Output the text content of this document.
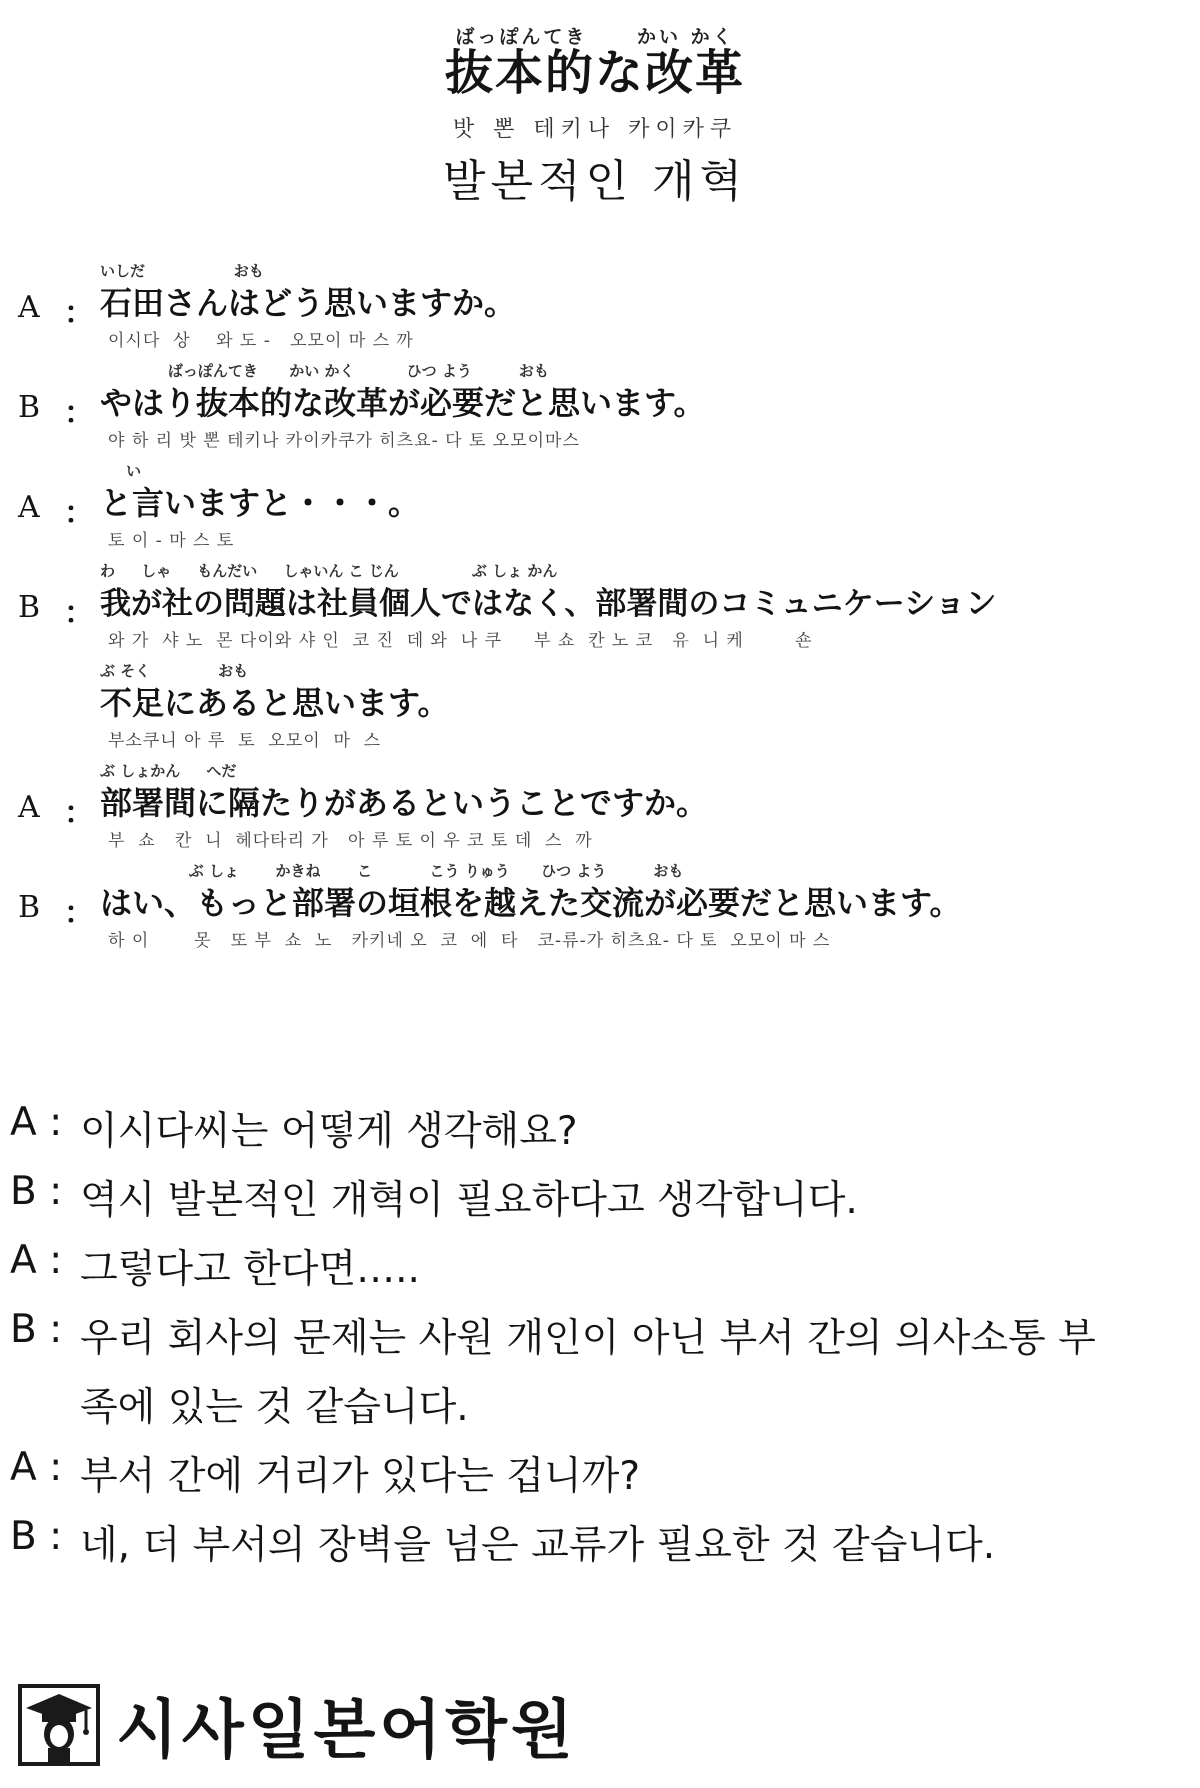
ばっぽんてき	かい かく
抜本的な改革
밧 뽄 테키나 카이카쿠
발본적인 개혁
A ：
いしだ                 おも
石田さんはどう思いますか。
이시다  상    와 도 -   오모이 마 스 까
B ：
ばっぽんてき      かい かく          ひつ よう         おも
やはり抜本的な改革が必要だと思います。
야 하 리 밧 뽄 테키나 카이카쿠가 히츠요- 다 토 오모이마스
A ：
い
と言いますと・・・。
토 이 - 마 스 토
B ：
わ     しゃ     もんだい     しゃいん こ じん              ぶ しょ かん
我が社の問題は社員個人ではなく、部署間のコミュニケーション
와 가  샤 노  몬 다이와 샤 인  코 진  데 와  나 쿠     부 쇼  칸 노 코   유  니 케        숀
ぶ そく             おも
不足にあると思います。
부소쿠니 아 루  토  오모이  마  스
A ：
ぶ しょかん     へだ
部署間に隔たりがあるということですか。
부  쇼   칸  니  헤다타리 가   아 루 토 이 우 코 토 데  스  까
B ：
ぶ しょ       かきね       こ           こう りゅう      ひつ よう         おも
はい、もっと部署の垣根を越えた交流が必要だと思います。
하 이       못   또 부  쇼  노   카키네 오  코  에  타   코-류-가 히츠요- 다 토  오모이 마 스
A : 이시다씨는 어떻게 생각해요?
B : 역시 발본적인 개혁이 필요하다고 생각합니다.
A : 그렇다고 한다면…..
B : 우리 회사의 문제는 사원 개인이 아닌 부서 간의 의사소통 부
족에 있는 것 같습니다.
A : 부서 간에 거리가 있다는 겁니까?
B : 네, 더 부서의 장벽을 넘은 교류가 필요한 것 같습니다.
시사일본어학원
